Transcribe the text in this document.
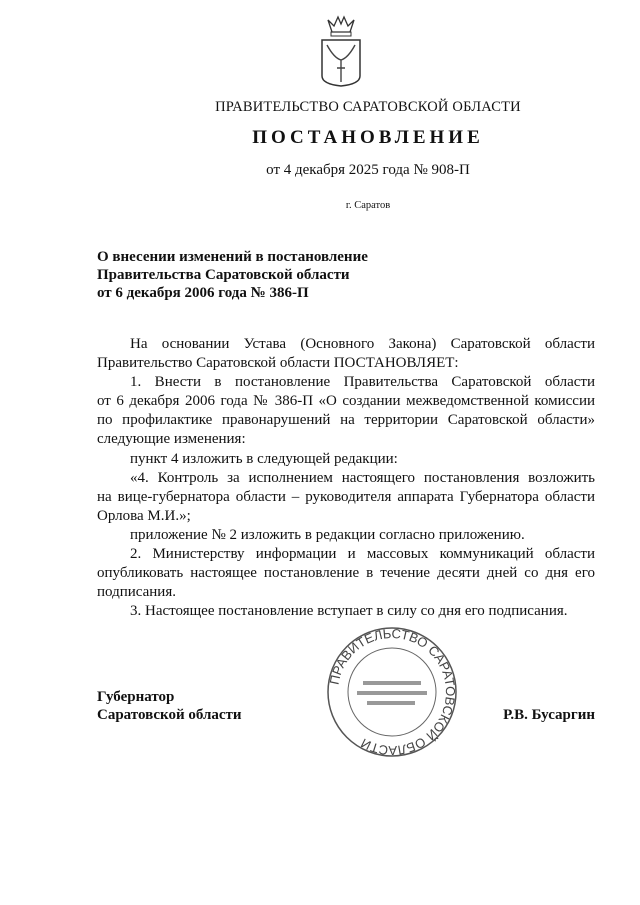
ПРАВИТЕЛЬСТВО САРАТОВСКОЙ ОБЛАСТИ
ПОСТАНОВЛЕНИЕ
от 4 декабря 2025 года № 908-П
г. Саратов
О внесении изменений в постановление
Правительства Саратовской области
от 6 декабря 2006 года № 386-П
На основании Устава (Основного Закона) Саратовской области
Правительство Саратовской области ПОСТАНОВЛЯЕТ:
1. Внести в постановление Правительства Саратовской области
от 6 декабря 2006 года № 386-П «О создании межведомственной комиссии
по профилактике правонарушений на территории Саратовской области»
следующие изменения:
пункт 4 изложить в следующей редакции:
«4. Контроль за исполнением настоящего постановления возложить
на вице-губернатора области – руководителя аппарата Губернатора области
Орлова М.И.»;
приложение № 2 изложить в редакции согласно приложению.
2. Министерству информации и массовых коммуникаций области
опубликовать настоящее постановление в течение десяти дней со дня его
подписания.
3. Настоящее постановление вступает в силу со дня его подписания.
Губернатор
Саратовской области
ПРАВИТЕЛЬСТВО САРАТОВСКОЙ ОБЛАСТИ
Р.В. Бусаргин
